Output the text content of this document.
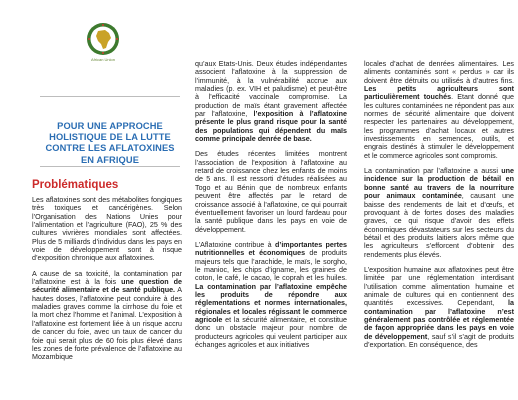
African Union
POUR UNE APPROCHE
HOLISTIQUE DE LA LUTTE
CONTRE LES AFLATOXINES
EN AFRIQUE
Problématiques

Les aflatoxines sont des métabolites fongiques très toxiques et cancérigènes. Selon l’Organisation des Nations Unies pour l’alimentation et l’agriculture (FAO), 25 % des cultures vivrières mondiales sont affectées. Plus de 5 milliards d’individus dans les pays en voie de développement sont à risque d’exposition chronique aux aflatoxines.

A cause de sa toxicité, la contamination par l’aflatoxine est à la fois une question de sécurité alimentaire et de santé publique. A hautes doses, l’aflatoxine peut conduire à des maladies graves comme la cirrhose du foie et la mort chez l’homme et l’animal. L’exposition à l’aflatoxine est fortement liée à un risque accru de cancer du foie, avec un taux de cancer du foie qui serait plus de 60 fois plus élevé dans les zones de forte prévalence de l’aflatoxine au Mozambique

qu’aux Etats-Unis. Deux études indépendantes associent l’aflatoxine à la suppression de l’immunité, à la vulnérabilité accrue aux maladies (p. ex. VIH et paludisme) et peut-être à l’efficacité vaccinale compromise. La production de maïs étant gravement affectée par l’aflatoxine, l’exposition à l’aflatoxine présente le plus grand risque pour la santé des populations qui dépendent du maïs comme principale denrée de base.

Des études récentes limitées montrent l’association de l’exposition à l’aflatoxine au retard de croissance chez les enfants de moins de 5 ans. Il est ressorti d’études réalisées au Togo et au Bénin que de nombreux enfants peuvent être affectés par le retard de croissance associé à l’aflatoxine, ce qui pourrait éventuellement favoriser un lourd fardeau pour la santé publique dans les pays en voie de développement.

L’Aflatoxine contribue à d’importantes pertes nutritionnelles et économiques de produits majeurs tels que l’arachide, le maïs, le sorgho, le manioc, les chips d’igname, les graines de coton, le café, le cacao, le coprah et les huiles. La contamination par l’aflatoxine empêche les produits de répondre aux réglementations et normes internationales, régionales et locales régissant le commerce agricole et la sécurité alimentaire, et constitue donc un obstacle majeur pour nombre de producteurs agricoles qui veulent participer aux échanges agricoles et aux initiatives

locales d’achat de denrées alimentaires. Les aliments contaminés sont « perdus » car ils doivent être détruits ou utilisés à d’autres fins. Les petits agriculteurs sont particulièrement touchés. Etant donné que les cultures contaminées ne répondent pas aux normes de sécurité alimentaire que doivent respecter les partenaires au développement, les programmes d’achat locaux et autres investissements en semences, outils, et engrais destinés à stimuler le développement et le commerce agricoles sont compromis.

La contamination par l’aflatoxine a aussi une incidence sur la production de bétail en bonne santé au travers de la nourriture pour animaux contaminée, causant une baisse des rendements de lait et d’œufs, et provoquant à de fortes doses des maladies graves, ce qui risque d’avoir des effets économiques dévastateurs sur les secteurs du bétail et des produits laitiers alors même que les agriculteurs s’efforcent d’obtenir des rendements plus élevés.

L’exposition humaine aux aflatoxines peut être limitée par une réglementation interdisant l’utilisation comme alimentation humaine et animale de cultures qui en contiennent des quantités excessives. Cependant, la contamination par l’aflatoxine n’est généralement pas contrôlée et réglementée de façon appropriée dans les pays en voie de développement, sauf s’il s’agit de produits d’exportation. En conséquence, des
